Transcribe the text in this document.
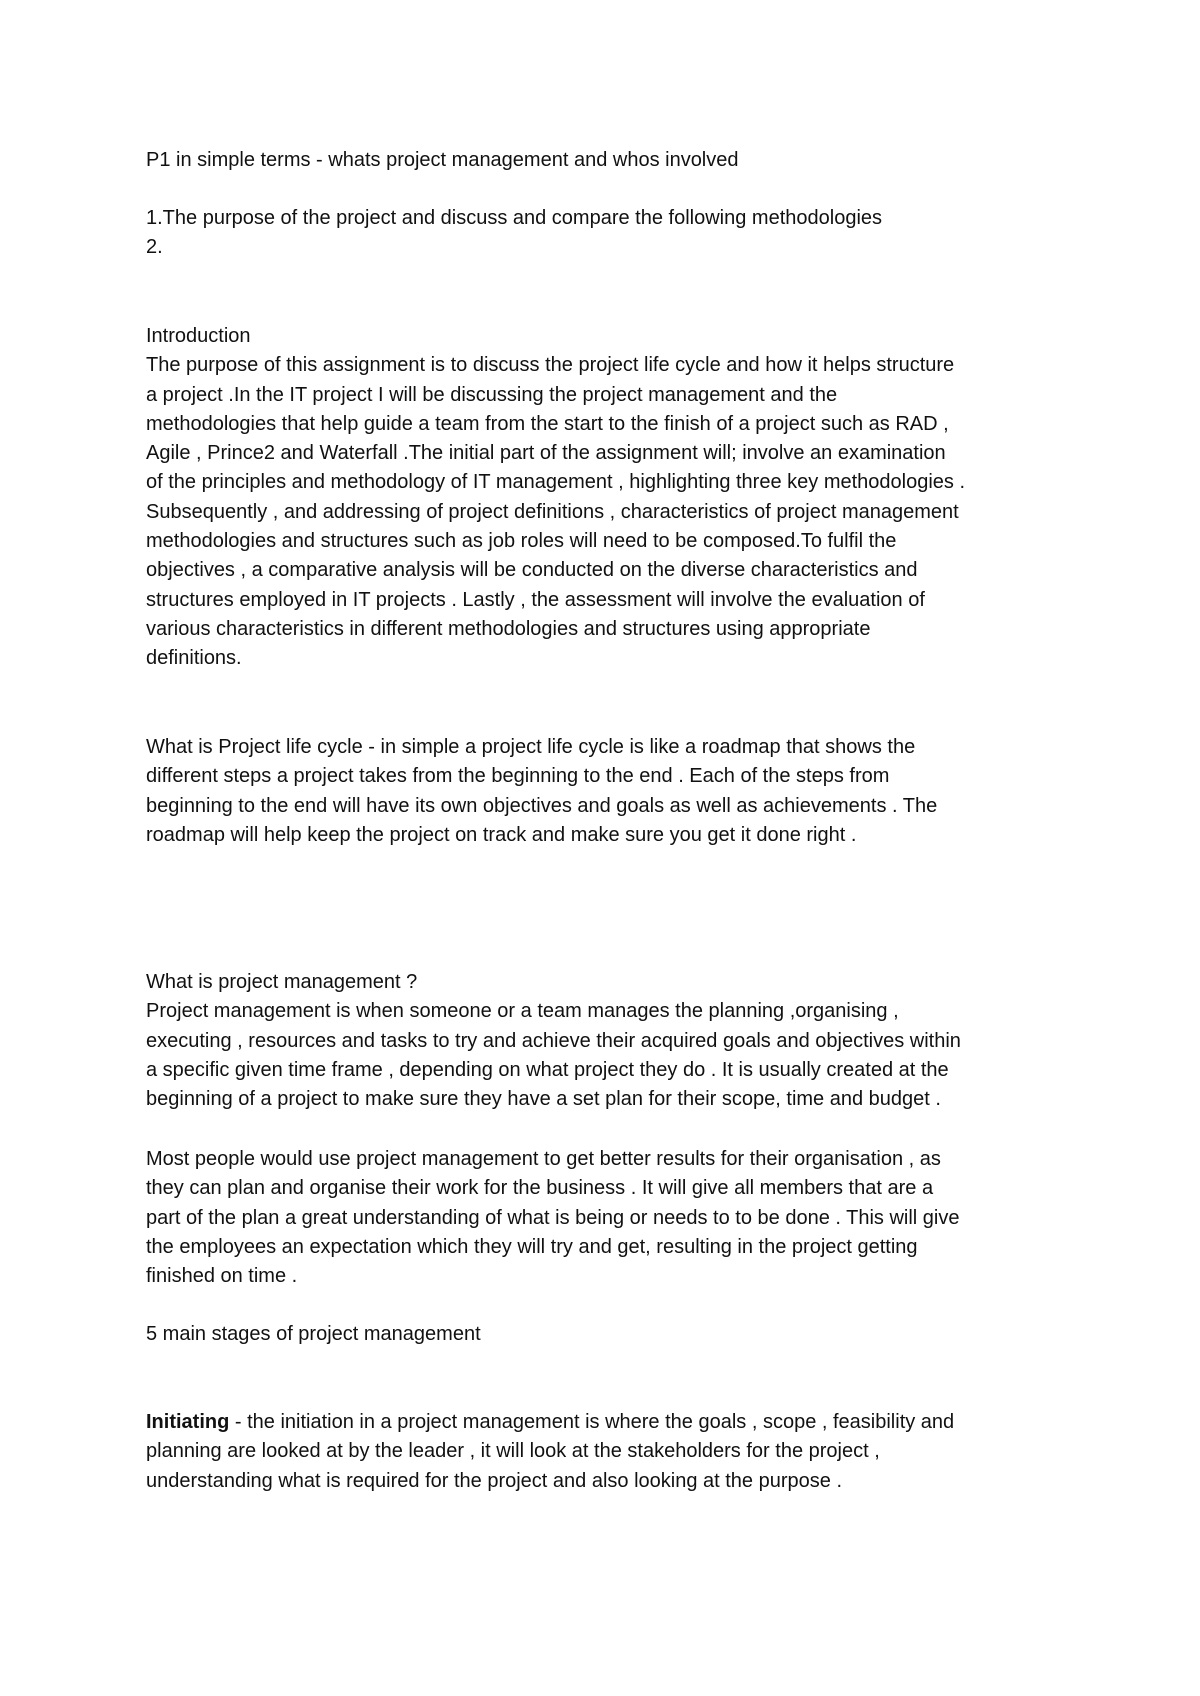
P1 in simple terms - whats project management and whos involved

1.The purpose of the project and discuss and compare the following methodologies
2.
Introduction
The purpose of this assignment is to discuss the project life cycle and how it helps structure
a project .In the IT project I will be discussing the project management and the
methodologies that help guide a team from the start to the finish of a project such as RAD ,
Agile , Prince2 and Waterfall .The initial part of the assignment will; involve an examination
of the principles and methodology of IT management , highlighting three key methodologies .
Subsequently , and addressing of project definitions , characteristics of project management
methodologies and structures such as job roles will need to be composed.To fulfil the
objectives , a comparative analysis will be conducted on the diverse characteristics and
structures employed in IT projects . Lastly , the assessment will involve the evaluation of
various characteristics in different methodologies and structures using appropriate
definitions.
What is Project life cycle - in simple a project life cycle is like a roadmap that shows the
different steps a project takes from the beginning to the end . Each of the steps from
beginning to the end will have its own objectives and goals as well as achievements . The
roadmap will help keep the project on track and make sure you get it done right .
What is project management ?
Project management is when someone or a team manages the planning ,organising ,
executing , resources and tasks to try and achieve their acquired goals and objectives within
a specific given time frame , depending on what project they do . It is usually created at the
beginning of a project to make sure they have a set plan for their scope, time and budget .
Most people would use project management to get better results for their organisation , as
they can plan and organise their work for the business . It will give all members that are a
part of the plan a great understanding of what is being or needs to to be done . This will give
the employees an expectation which they will try and get, resulting in the project getting
finished on time .

5 main stages of project management

Initiating - the initiation in a project management is where the goals , scope , feasibility and
planning are looked at by the leader , it will look at the stakeholders for the project ,
understanding what is required for the project and also looking at the purpose .
